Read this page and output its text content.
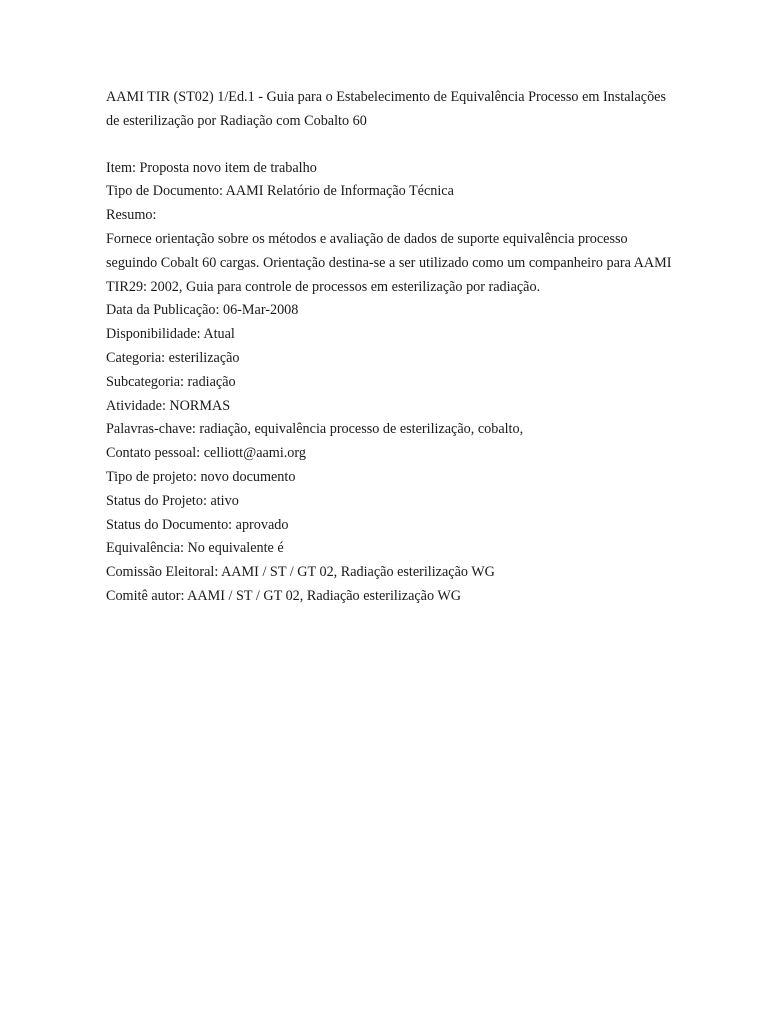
AAMI TIR (ST02) 1/Ed.1 - Guia para o Estabelecimento de Equivalência Processo em Instalações
de esterilização por Radiação com Cobalto 60
Item: Proposta novo item de trabalho
Tipo de Documento: AAMI Relatório de Informação Técnica
Resumo:
Fornece orientação sobre os métodos e avaliação de dados de suporte equivalência processo
seguindo Cobalt 60 cargas. Orientação destina-se a ser utilizado como um companheiro para AAMI
TIR29: 2002, Guia para controle de processos em esterilização por radiação.
Data da Publicação: 06-Mar-2008
Disponibilidade: Atual
Categoria: esterilização
Subcategoria: radiação
Atividade: NORMAS
Palavras-chave: radiação, equivalência processo de esterilização, cobalto,
Contato pessoal: celliott@aami.org
Tipo de projeto: novo documento
Status do Projeto: ativo
Status do Documento: aprovado
Equivalência: No equivalente é
Comissão Eleitoral: AAMI / ST / GT 02, Radiação esterilização WG
Comitê autor: AAMI / ST / GT 02, Radiação esterilização WG
